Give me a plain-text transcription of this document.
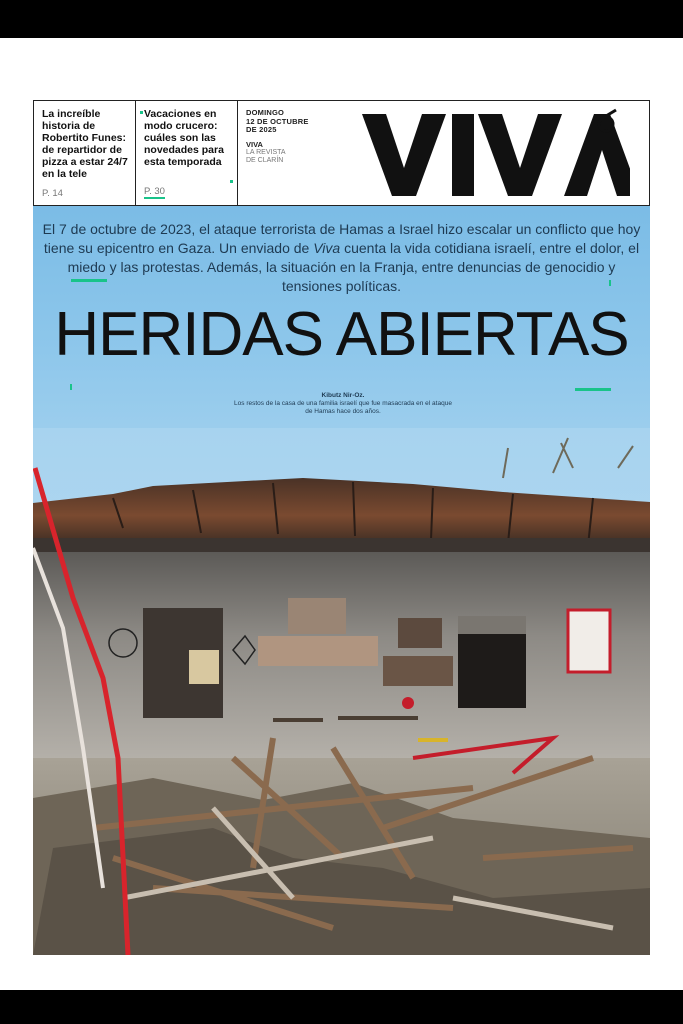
La increíble historia de Robertito Funes: de repartidor de pizza a estar 24/7 en la tele
P. 14
Vacaciones en modo crucero: cuáles son las novedades para esta temporada
P. 30
DOMINGO
12 DE OCTUBRE
DE 2025
VIVA
LA REVISTA
DE CLARÍN
El 7 de octubre de 2023, el ataque terrorista de Hamas a Israel hizo escalar un conflicto que hoy tiene su epicentro en Gaza. Un enviado de Viva cuenta la vida cotidiana israelí, entre el dolor, el miedo y las protestas. Además, la situación en la Franja, entre denuncias de genocidio y tensiones políticas.
HERIDAS ABIERTAS
Kibutz Nir-Oz.
Los restos de la casa de una familia israelí que fue masacrada en el ataque de Hamas hace dos años.
